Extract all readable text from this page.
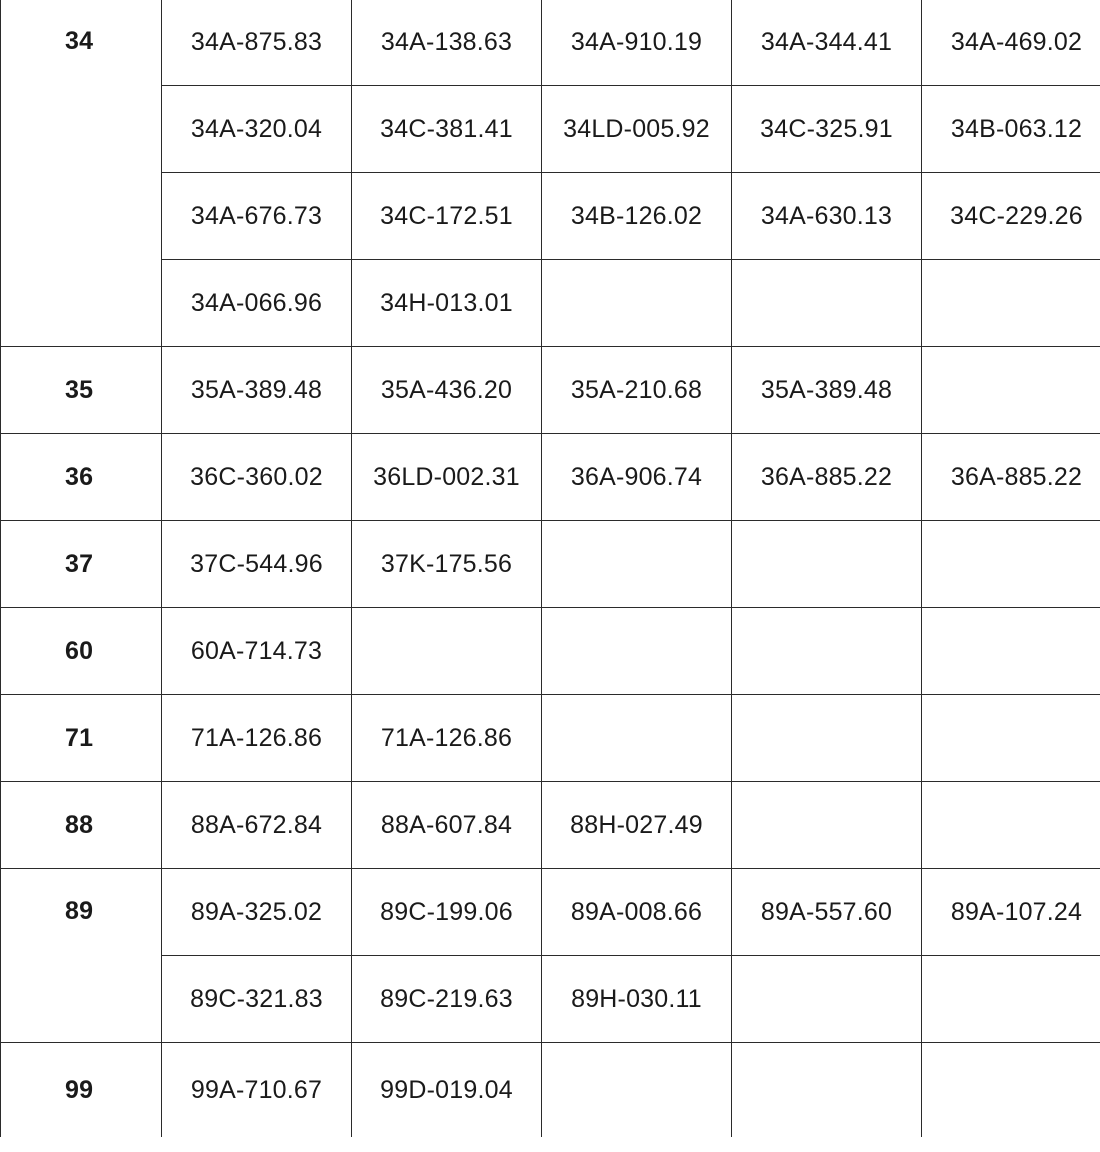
34	34A-875.83	34A-138.63	34A-910.19	34A-344.41	34A-469.02
	34A-320.04	34C-381.41	34LD-005.92	34C-325.91	34B-063.12
	34A-676.73	34C-172.51	34B-126.02	34A-630.13	34C-229.26
	34A-066.96	34H-013.01			
35	35A-389.48	35A-436.20	35A-210.68	35A-389.48	
36	36C-360.02	36LD-002.31	36A-906.74	36A-885.22	36A-885.22
37	37C-544.96	37K-175.56			
60	60A-714.73				
71	71A-126.86	71A-126.86			
88	88A-672.84	88A-607.84	88H-027.49		
89	89A-325.02	89C-199.06	89A-008.66	89A-557.60	89A-107.24
	89C-321.83	89C-219.63	89H-030.11		
99	99A-710.67	99D-019.04			
